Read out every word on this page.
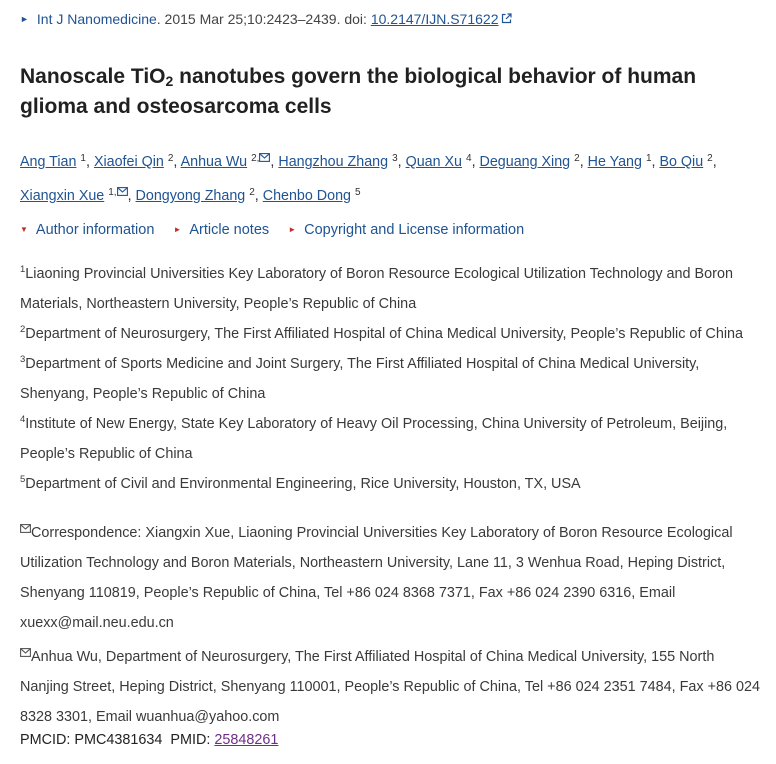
► Int J Nanomedicine. 2015 Mar 25;10:2423–2439. doi: 10.2147/IJN.S71622
Nanoscale TiO$_2$ nanotubes govern the biological behavior of human glioma and osteosarcoma cells
Ang Tian $^1$, Xiaofei Qin $^2$, Anhua Wu $^{2,}$ , Hangzhou Zhang $^3$, Quan Xu $^4$, Deguang Xing $^2$, He Yang $^1$, Bo Qiu $^2$,
Xiangxin Xue $^{1,}$ , Dongyong Zhang $^2$, Chenbo Dong $^5$
▼ Author information ► Article notes ► Copyright and License information
$^1$Liaoning Provincial Universities Key Laboratory of Boron Resource Ecological Utilization Technology and Boron Materials, Northeastern University, People’s Republic of China
$^2$Department of Neurosurgery, The First Affiliated Hospital of China Medical University, People’s Republic of China
$^3$Department of Sports Medicine and Joint Surgery, The First Affiliated Hospital of China Medical University, Shenyang, People’s Republic of China
$^4$Institute of New Energy, State Key Laboratory of Heavy Oil Processing, China University of Petroleum, Beijing, People’s Republic of China
$^5$Department of Civil and Environmental Engineering, Rice University, Houston, TX, USA
Correspondence: Xiangxin Xue, Liaoning Provincial Universities Key Laboratory of Boron Resource Ecological Utilization Technology and Boron Materials, Northeastern University, Lane 11, 3 Wenhua Road, Heping District, Shenyang 110819, People’s Republic of China, Tel +86 024 8368 7371, Fax +86 024 2390 6316, Email xuexx@mail.neu.edu.cn
Anhua Wu, Department of Neurosurgery, The First Affiliated Hospital of China Medical University, 155 North Nanjing Street, Heping District, Shenyang 110001, People’s Republic of China, Tel +86 024 2351 7484, Fax +86 024 8328 3301, Email wuanhua@yahoo.com
PMCID: PMC4381634 PMID: 25848261
